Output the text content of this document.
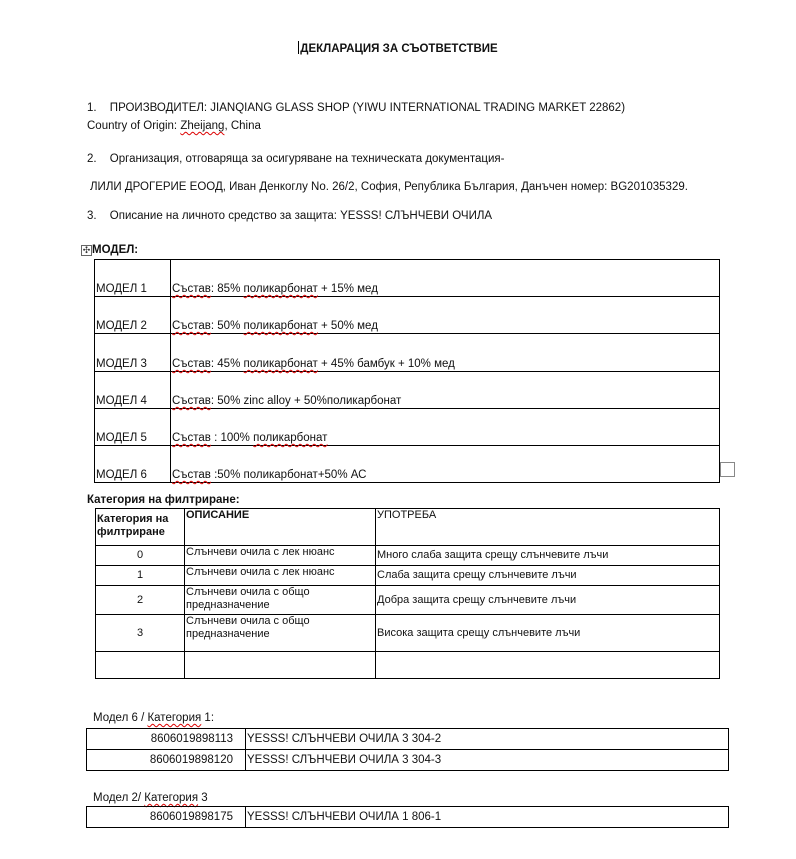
ДЕКЛАРАЦИЯ ЗА СЪОТВЕТСТВИЕ
1. ПРОИЗВОДИТЕЛ: JIANQIANG GLASS SHOP (YIWU INTERNATIONAL TRADING MARKET 22862)
Country of Origin: Zheijang, China
2. Организация, отговаряща за осигуряване на техническата документация-
ЛИЛИ ДРОГЕРИЕ ЕООД, Иван Денкоглу No. 26/2, София, Република България, Данъчен номер: BG201035329.
3. Описание на личното средство за защита: YESSS! СЛЪНЧЕВИ ОЧИЛА
✣ МОДЕЛ:
МОДЕЛ 1	Състав: 85% поликарбонат + 15% мед
МОДЕЛ 2	Състав: 50% поликарбонат + 50% мед
МОДЕЛ 3	Състав: 45% поликарбонат + 45% бамбук + 10% мед
МОДЕЛ 4	Състав: 50% zinc alloy + 50%поликарбонат
МОДЕЛ 5	Състав : 100% поликарбонат
МОДЕЛ 6	Състав :50% поликарбонат+50% АС
Категория на филтриране:
Категория на филтриране	ОПИСАНИЕ	УПОТРЕБА
0	Слънчеви очила с лек нюанс	Много слаба защита срещу слънчевите лъчи
1	Слънчеви очила с лек нюанс	Слаба защита срещу слънчевите лъчи
2	Слънчеви очила с общо предназначение	Добра защита срещу слънчевите лъчи
3	Слънчеви очила с общо предназначение	Висока защита срещу слънчевите лъчи

Модел 6 / Категория 1:
8606019898113	YESSS! СЛЪНЧЕВИ ОЧИЛА 3 304-2
8606019898120	YESSS! СЛЪНЧЕВИ ОЧИЛА 3 304-3
Модел 2/ Категория 3
8606019898175	YESSS! СЛЪНЧЕВИ ОЧИЛА 1 806-1
